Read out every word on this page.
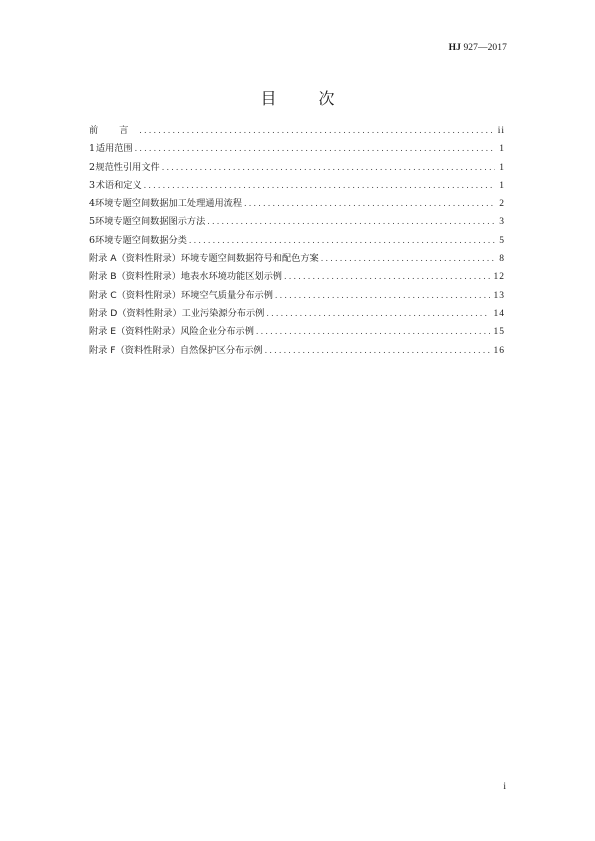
HJ 927—2017
目	次
前 言 .....	ii
1 适用范围 .....	1
2 规范性引用文件 .....	1
3 术语和定义 .....	1
4 环境专题空间数据加工处理通用流程 .....	2
5 环境专题空间数据图示方法 .....	3
6 环境专题空间数据分类 .....	5
附录 A（资料性附录）环境专题空间数据符号和配色方案 .....	8
附录 B（资料性附录）地表水环境功能区划示例 .....	12
附录 C（资料性附录）环境空气质量分布示例 .....	13
附录 D（资料性附录）工业污染源分布示例 .....	14
附录 E（资料性附录）风险企业分布示例 .....	15
附录 F（资料性附录）自然保护区分布示例 .....	16
i
